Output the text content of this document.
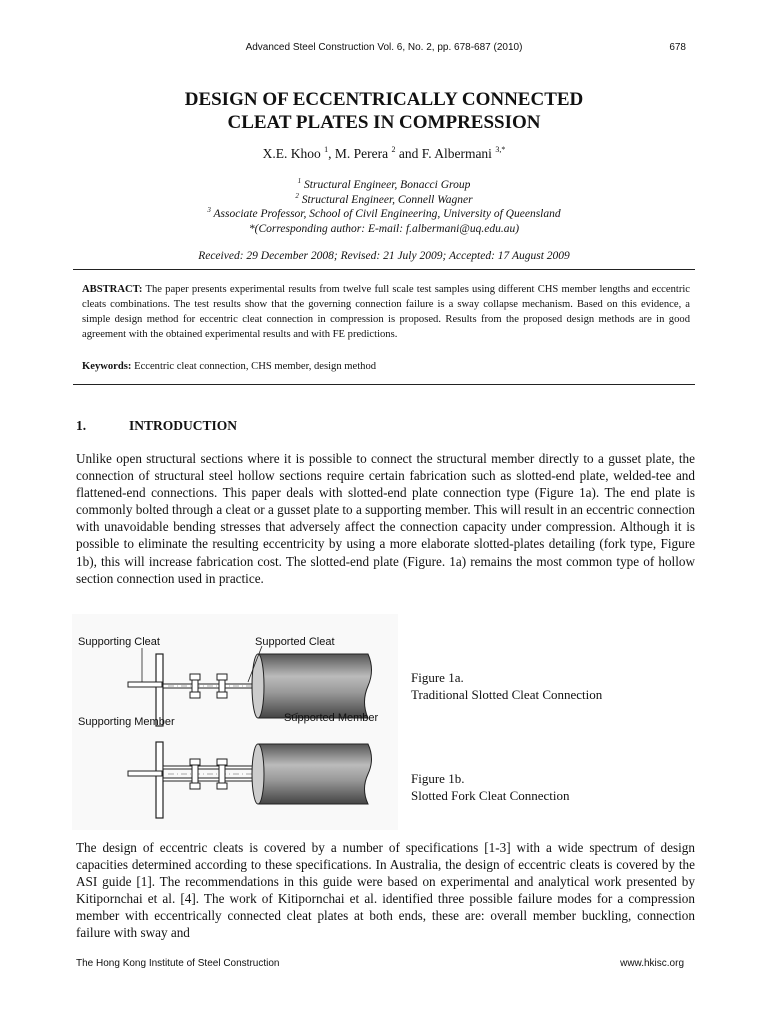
Advanced Steel Construction Vol. 6, No. 2, pp. 678-687 (2010)	678
DESIGN OF ECCENTRICALLY CONNECTED
CLEAT PLATES IN COMPRESSION
X.E. Khoo $^1$, M. Perera $^2$ and F. Albermani $^{3,*}$
$^1$ Structural Engineer, Bonacci Group
$^2$ Structural Engineer, Connell Wagner
$^3$ Associate Professor, School of Civil Engineering, University of Queensland
*(Corresponding author: E-mail: f.albermani@uq.edu.au)
Received: 29 December 2008; Revised: 21 July 2009; Accepted: 17 August 2009
ABSTRACT: The paper presents experimental results from twelve full scale test samples using different CHS member lengths and eccentric cleats combinations. The test results show that the governing connection failure is a sway collapse mechanism. Based on this evidence, a simple design method for eccentric cleat connection in compression is proposed. Results from the proposed design methods are in good agreement with the obtained experimental results and with FE predictions.
Keywords: Eccentric cleat connection, CHS member, design method
1.	INTRODUCTION
Unlike open structural sections where it is possible to connect the structural member directly to a gusset plate, the connection of structural steel hollow sections require certain fabrication such as slotted-end plate, welded-tee and flattened-end connections. This paper deals with slotted-end plate connection type (Figure 1a). The end plate is commonly bolted through a cleat or a gusset plate to a supporting member. This will result in an eccentric connection with unavoidable bending stresses that adversely affect the connection capacity under compression. Although it is possible to eliminate the resulting eccentricity by using a more elaborate slotted-plates detailing (fork type, Figure 1b), this will increase fabrication cost. The slotted-end plate (Figure. 1a) remains the most common type of hollow section connection used in practice.
Supporting Cleat	Supported Cleat
Supporting Member	Supported Member
Figure 1a.
Traditional Slotted Cleat Connection
Figure 1b.
Slotted Fork Cleat Connection
The design of eccentric cleats is covered by a number of specifications [1-3] with a wide spectrum of design capacities determined according to these specifications. In Australia, the design of eccentric cleats is covered by the ASI guide [1]. The recommendations in this guide were based on experimental and analytical work presented by Kitipornchai et al. [4]. The work of Kitipornchai et al. identified three possible failure modes for a compression member with eccentrically connected cleat plates at both ends, these are: overall member buckling, connection failure with sway and
The Hong Kong Institute of Steel Construction	www.hkisc.org
